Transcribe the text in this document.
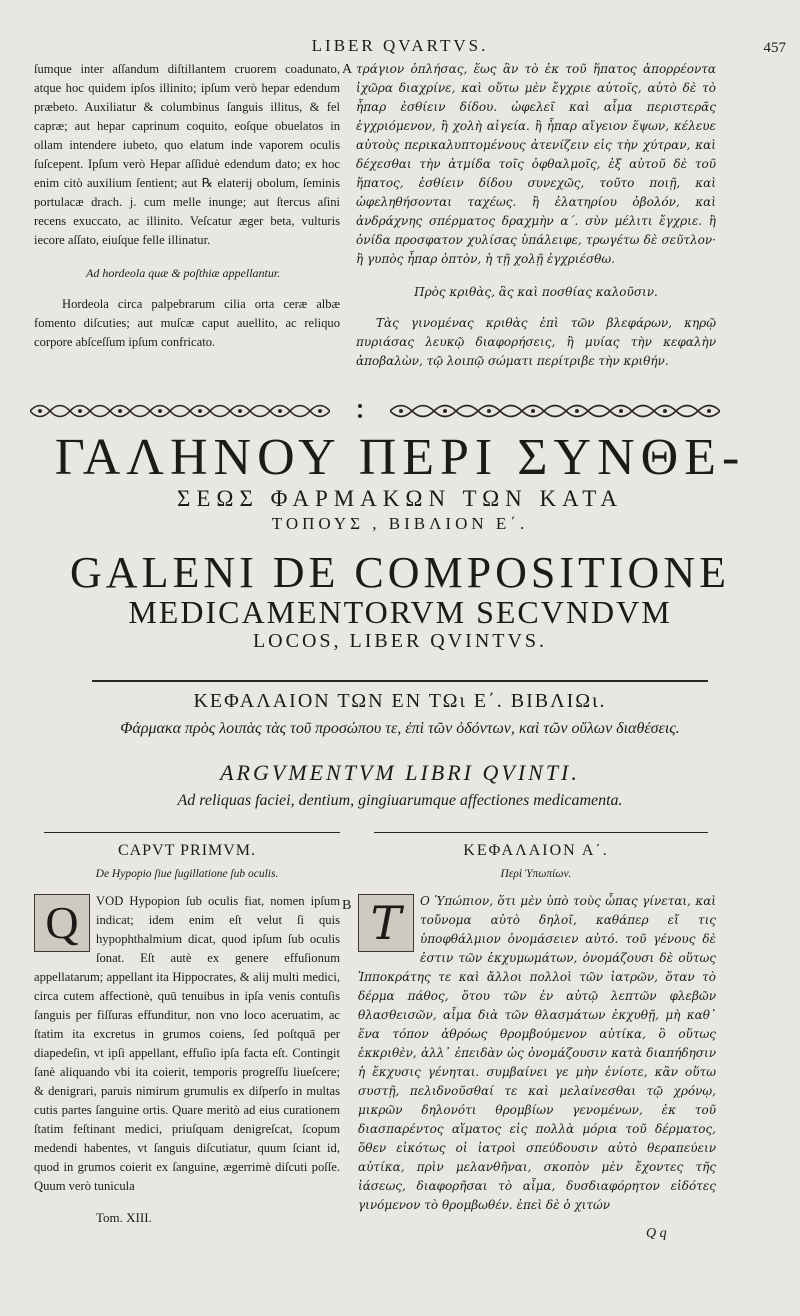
LIBER QVARTVS.	457

ſumque inter aſſandum diſtillantem cruorem coadunato, atque hoc quidem ipſos illinito; ipſum verò hepar edendum præbeto. Auxiliatur & columbinus ſanguis illitus, & fel capræ; aut hepar caprinum coquito, eoſque obuelatos in ollam intendere iubeto, quo elatum inde vaporem oculis ſuſcepent. Ipſum verò Hepar aſſiduè edendum dato; ex hoc enim citò auxilium ſentient; aut ℞ elaterij obolum, ſeminis portulacæ drach. j. cum melle inunge; aut ſtercus aſini recens exuccato, ac illinito. Veſcatur æger beta, vulturis iecore aſſato, eiuſque felle illinatur.

Ad hordeola quæ & poſthiæ appellantur.

Hordeola circa palpebrarum cilia orta ceræ albæ fomento diſcuties; aut muſcæ caput auellito, ac reliquo corpore abſceſſum ipſum confricato.

A τράγιον ὀπλήσας, ἕως ἂν τὸ ἐκ τοῦ ἥπατος ἀπορρέοντα ἰχῶρα διαχρίνε, καὶ οὕτω μὲν ἔγχριε αὐτοῖς, αὐτὸ δὲ τὸ ἧπαρ ἐσθίειν δίδου. ὠφελεῖ καὶ αἷμα περιστερᾶς ἐγχριόμενον, ἢ χολὴ αἰγεία. ἢ ἧπαρ αἴγειον ἕψων, κέλευε αὐτοὺς περικαλυπτομένους ἀτενίζειν εἰς τὴν χύτραν, καὶ δέχεσθαι τὴν ἀτμίδα τοῖς ὀφθαλμοῖς, ἐξ αὐτοῦ δὲ τοῦ ἥπατος, ἐσθίειν δίδου συνεχῶς, τοῦτο ποιῇ, καὶ ὠφεληθήσονται ταχέως. ἢ ἐλατηρίου ὀβολόν, καὶ ἀνδράχνης σπέρματος δραχμὴν α΄. σὺν μέλιτι ἔγχριε. ἢ ὀνίδα προσφατον χυλίσας ὑπάλειφε, τρωγέτω δὲ σεῦτλον· ἢ γυπὸς ἧπαρ ὀπτὸν, ἡ τῇ χολῇ ἐγχριέσθω.

Πρὸς κριθὰς, ἃς καὶ ποσθίας καλοῦσιν.

Τὰς γινομένας κριθὰς ἐπὶ τῶν βλεφάρων, κηρῷ πυριάσας λευκῷ διαφορήσεις, ἢ μυίας τὴν κεφαλὴν ἀποβαλὼν, τῷ λοιπῷ σώματι περίτριβε τὴν κριθήν.

ΓΑΛΗΝΟΥ ΠΕΡΙ ΣΥΝΘΕ-
ΣΕΩΣ ΦΑΡΜΑΚΩΝ ΤΩΝ ΚΑΤΑ
ΤΟΠΟΥΣ , ΒΙΒΛΙΟΝ Ε΄.
GALENI DE COMPOSITIONE
MEDICAMENTORVM SECVNDVM
LOCOS, LIBER QVINTVS.
ΚΕΦΑΛΑΙΟΝ ΤΩΝ ΕΝ ΤΩι Ε΄. ΒΙΒΛΙΩι.
Φάρμακα πρὸς λοιπὰς τὰς τοῦ προσώπου τε, ἐπὶ τῶν ὀδόντων, καὶ τῶν οὔλων διαθέσεις.
ARGVMENTVM LIBRI QVINTI.
Ad reliquas faciei, dentium, gingiuarumque affectiones medicamenta.
CAPVT PRIMVM.	ΚΕΦΑΛΑΙΟΝ Α΄.
De Hypopio ſiue ſugillatione ſub oculis.	Περὶ Ὑπωπίων.
Q	VOD Hypopion ſub oculis fiat, nomen ipſum indicat; idem enim eſt velut ſi quis hypophthalmium dicat, quod ipſum ſub oculis ſonat. Eſt autè ex genere effuſionum appellatarum; appellant ita Hippocrates, & alij multi medici, circa cutem affectionè, quū tenuibus in ipſa venis contuſis ſanguis per fiſſuras effunditur, non vno loco aceruatim, ac ſtatim ita excretus in grumos coiens, ſed poſtquā per diapedeſin, vt ipſi appellant, effuſio ipſa facta eſt. Contingit ſanè aliquando vbi ita coierit, temporis progreſſu liueſcere; & denigrari, paruis nimirum grumulis ex diſperſo in multas cutis partes ſanguine ortis. Quare meritò ad eius curationem ſtatim feſtinant medici, priuſquam denigreſcat, ſcopum medendi habentes, vt ſanguis diſcutiatur, quum ſciant id, quod in grumos coierit ex ſanguine, ægerrimè diſcuti poſſe. Quum verò tunicula

B Τ	Ο Ὑπώπιον, ὅτι μὲν ὑπὸ τοὺς ὦπας γίνεται, καὶ τοὔνομα αὐτὸ δηλοῖ, καθάπερ εἴ τις ὑποφθάλμιον ὀνομάσειεν αὐτό. τοῦ γένους δὲ ἐστιν τῶν ἐκχυμωμάτων, ὀνομάζουσι δὲ οὕτως Ἱπποκράτης τε καὶ ἄλλοι πολλοὶ τῶν ἰατρῶν, ὅταν τὸ δέρμα πάθος, ὅτου τῶν ἐν αὐτῷ λεπτῶν φλεβῶν θλασθεισῶν, αἷμα διὰ τῶν θλασμάτων ἐκχυθῇ, μὴ καθ᾽ ἕνα τόπον ἀθρόως θρομβούμενον αὐτίκα, ὃ οὕτως ἐκκριθὲν, ἀλλ᾽ ἐπειδὰν ὡς ὀνομάζουσιν κατὰ διαπήδησιν ἡ ἔκχυσις γένηται. συμβαίνει γε μὴν ἐνίοτε, κἂν οὕτω συστῇ, πελιδνοῦσθαί τε καὶ μελαίνεσθαι τῷ χρόνῳ, μικρῶν δηλονότι θρομβίων γενομένων, ἐκ τοῦ διασπαρέντος αἵματος εἰς πολλὰ μόρια τοῦ δέρματος, ὅθεν εἰκότως οἱ ἰατροὶ σπεύδουσιν αὐτὸ θεραπεύειν αὐτίκα, πρὶν μελανθῆναι, σκοπὸν μὲν ἔχοντες τῆς ἰάσεως, διαφορῆσαι τὸ αἷμα, δυσδιαφόρητον εἰδότες γινόμενον τὸ θρομβωθέν. ἐπεὶ δὲ ὁ χιτών

Tom. XIII.
Q q
